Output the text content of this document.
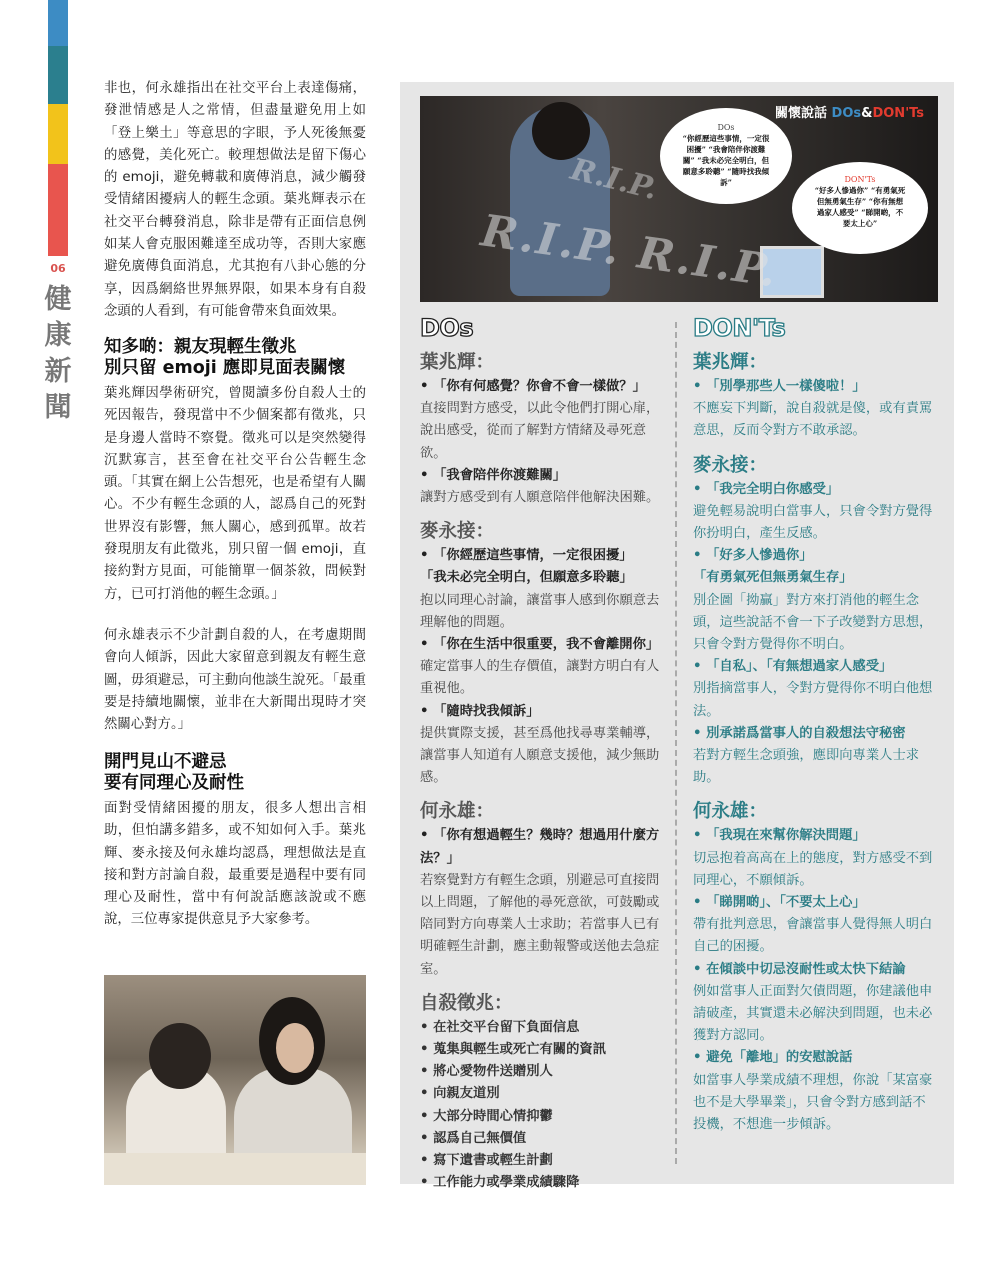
06
健康新聞

非也，何永雄指出在社交平台上表達傷痛，發泄情感是人之常情，但盡量避免用上如「登上樂土」等意思的字眼，予人死後無憂的感覺，美化死亡。較理想做法是留下傷心的 emoji，避免轉載和廣傳消息，減少觸發受情緒困擾病人的輕生念頭。葉兆輝表示在社交平台轉發消息，除非是帶有正面信息例如某人會克服困難達至成功等，否則大家應避免廣傳負面消息，尤其抱有八卦心態的分享，因爲網絡世界無界限，如果本身有自殺念頭的人看到，有可能會帶來負面效果。

知多啲：親友現輕生徵兆
別只留 emoji 應即見面表關懷

葉兆輝因學術研究，曾閱讀多份自殺人士的死因報告，發現當中不少個案都有徵兆，只是身邊人當時不察覺。徵兆可以是突然變得沉默寡言，甚至會在社交平台公告輕生念頭。「其實在網上公告想死，也是希望有人關心。不少有輕生念頭的人，認爲自己的死對世界沒有影響，無人關心，感到孤單。故若發現朋友有此徵兆，別只留一個 emoji，直接約對方見面，可能簡單一個茶敘，問候對方，已可打消他的輕生念頭。」

何永雄表示不少計劃自殺的人，在考慮期間會向人傾訴，因此大家留意到親友有輕生意圖，毋須避忌，可主動向他談生說死。「最重要是持續地關懷，並非在大新聞出現時才突然關心對方。」

開門見山不避忌
要有同理心及耐性

面對受情緒困擾的朋友，很多人想出言相助，但怕講多錯多，或不知如何入手。葉兆輝、麥永接及何永雄均認爲，理想做法是直接和對方討論自殺，最重要是過程中要有同理心及耐性，當中有何說話應該說或不應說，三位專家提供意見予大家參考。

R.I.P. R.I.P.
R.I.P.
關懷說話 DOs&DON'Ts
DOs
“你經歷這些事情，一定很困擾” “我會陪伴你渡難關” “我未必完全明白，但願意多聆聽” “隨時找我傾訴”	DON'Ts
“好多人慘過你” “有勇氣死但無勇氣生存” “你有無想過家人感受” “睇開啲，不要太上心”
DOs	DON'Ts

葉兆輝：

• 「你有何感覺？你會不會一樣做？」

直接問對方感受，以此令他們打開心扉，說出感受，從而了解對方情緒及尋死意欲。

• 「我會陪伴你渡難關」

讓對方感受到有人願意陪伴他解決困難。

麥永接：

• 「你經歷這些事情，一定很困擾」
「我未必完全明白，但願意多聆聽」

抱以同理心討論，讓當事人感到你願意去理解他的問題。

• 「你在生活中很重要，我不會離開你」

確定當事人的生存價值，讓對方明白有人重視他。

• 「隨時找我傾訴」

提供實際支援，甚至爲他找尋專業輔導，讓當事人知道有人願意支援他，減少無助感。

何永雄：

• 「你有想過輕生？幾時？想過用什麼方法？」

若察覺對方有輕生念頭，別避忌可直接問以上問題，了解他的尋死意欲，可鼓勵或陪同對方向專業人士求助；若當事人已有明確輕生計劃，應主動報警或送他去急症室。

自殺徵兆：

• 在社交平台留下負面信息

• 蒐集與輕生或死亡有關的資訊

• 將心愛物件送贈別人

• 向親友道別

• 大部分時間心情抑鬱

• 認爲自己無價值

• 寫下遺書或輕生計劃

• 工作能力或學業成績驟降

葉兆輝：

• 「別學那些人一樣傻啦！」

不應妄下判斷，說自殺就是傻，或有責罵意思，反而令對方不敢承認。

麥永接：

• 「我完全明白你感受」

避免輕易說明白當事人，只會令對方覺得你扮明白，產生反感。

• 「好多人慘過你」
「有勇氣死但無勇氣生存」

別企圖「拗贏」對方來打消他的輕生念頭，這些說話不會一下子改變對方思想，只會令對方覺得你不明白。

• 「自私」、「有無想過家人感受」

別指摘當事人，令對方覺得你不明白他想法。

• 別承諾爲當事人的自殺想法守秘密

若對方輕生念頭強，應即向專業人士求助。

何永雄：

• 「我現在來幫你解決問題」

切忌抱着高高在上的態度，對方感受不到同理心，不願傾訴。

• 「睇開啲」、「不要太上心」

帶有批判意思，會讓當事人覺得無人明白自己的困擾。

• 在傾談中切忌沒耐性或太快下結論

例如當事人正面對欠債問題，你建議他申請破產，其實還未必解決到問題，也未必獲對方認同。

• 避免「離地」的安慰說話

如當事人學業成績不理想，你說「某富豪也不是大學畢業」，只會令對方感到話不投機，不想進一步傾訴。
